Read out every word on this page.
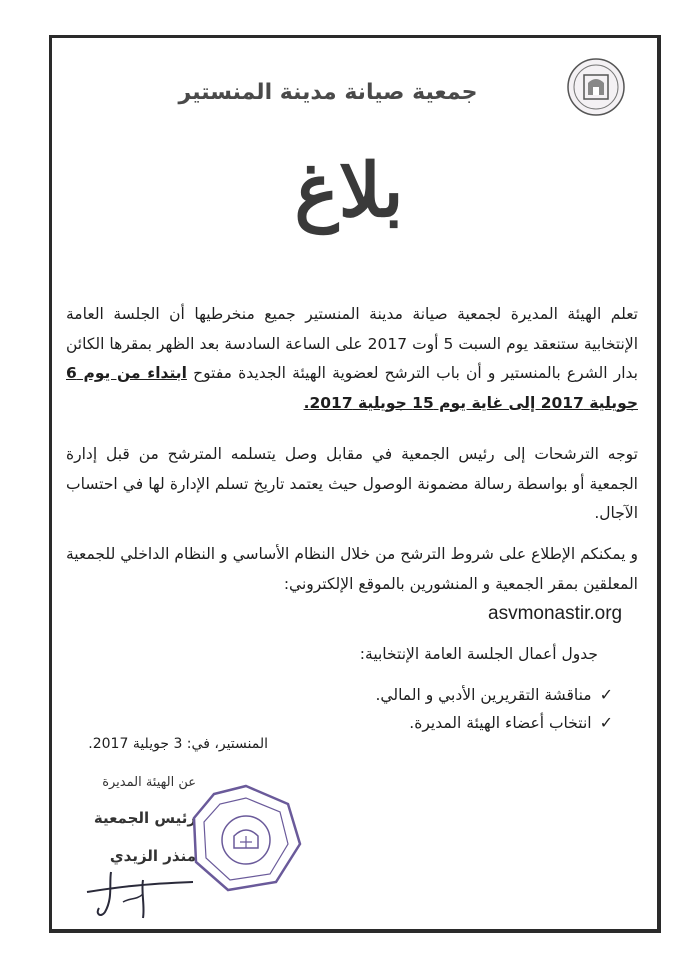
جمعية صيانة مدينة المنستير
بلاغ
تعلم الهيئة المديرة لجمعية صيانة مدينة المنستير جميع منخرطيها أن الجلسة العامة الإنتخابية ستنعقد يوم السبت 5 أوت 2017 على الساعة السادسة بعد الظهر بمقرها الكائن بدار الشرع بالمنستير و أن باب الترشح لعضوية الهيئة الجديدة مفتوح ابتداء من يوم 6 جويلية 2017 إلى غاية يوم 15 جويلية 2017.
توجه الترشحات إلى رئيس الجمعية في مقابل وصل يتسلمه المترشح من قبل إدارة الجمعية أو بواسطة رسالة مضمونة الوصول حيث يعتمد تاريخ تسلم الإدارة لها في احتساب الآجال.
و يمكنكم الإطلاع على شروط الترشح من خلال النظام الأساسي و النظام الداخلي للجمعية المعلقين بمقر الجمعية و المنشورين بالموقع الإلكتروني:
asvmonastir.org
جدول أعمال الجلسة العامة الإنتخابية:
✓
مناقشة التقريرين الأدبي و المالي.
✓
انتخاب أعضاء الهيئة المديرة.
المنستير، في: 3 جويلية 2017.
عن الهيئة المديرة
رئيس الجمعية
منذر الزيدي
